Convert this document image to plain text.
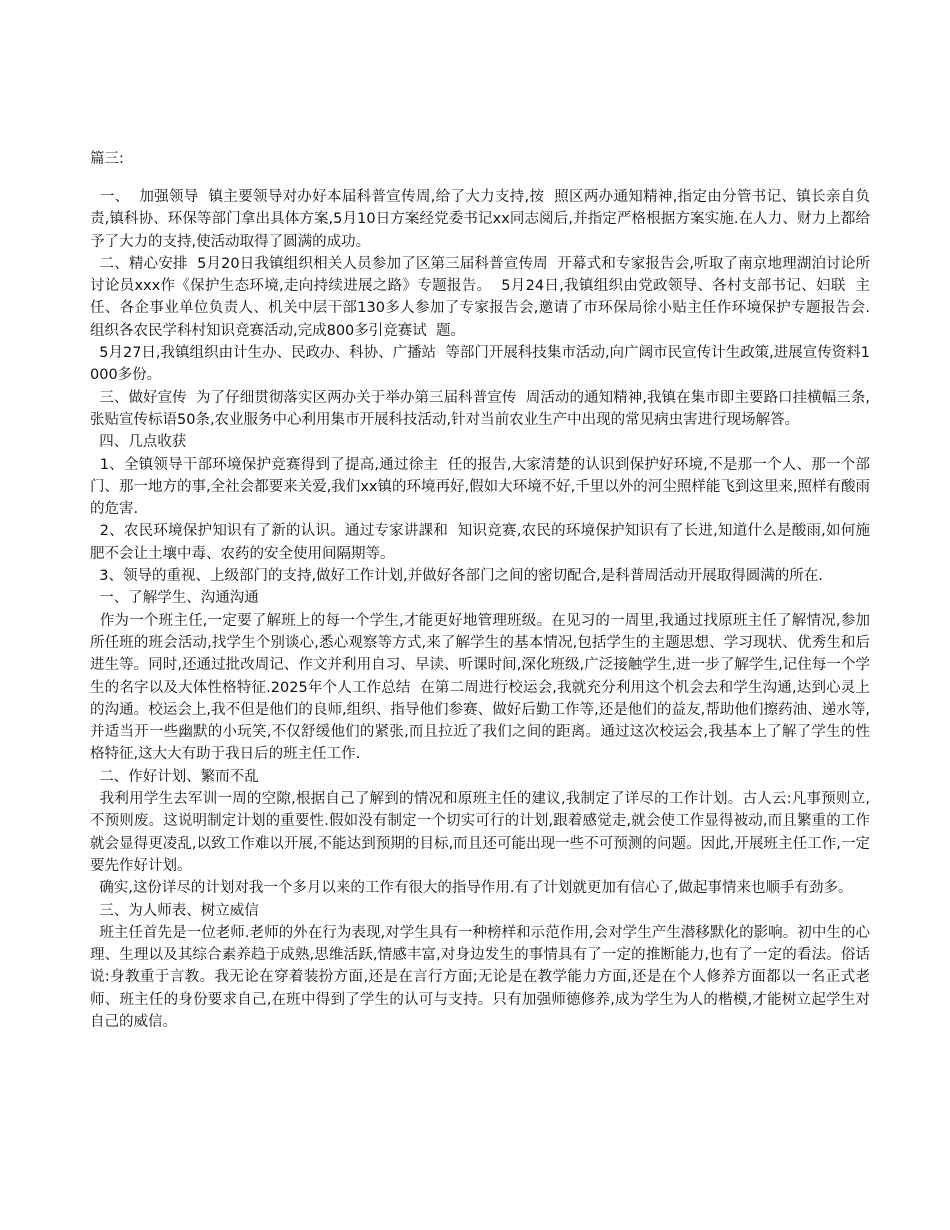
篇三:

一、  加强领导  镇主要领导对办好本届科普宣传周,给了大力支持,按  照区两办通知精神,指定由分管书记、镇长亲自负责,镇科协、环保等部门拿出具体方案,5月10日方案经党委书记xx同志阅后,并指定严格根据方案实施.在人力、财力上都给予了大力的支持,使活动取得了圆满的成功。

二、精心安排  5月20日我镇组织相关人员参加了区第三届科普宣传周  开幕式和专家报告会,听取了南京地理湖泊讨论所讨论员xxx作《保护生态环境,走向持续进展之路》专题报告。  5月24日,我镇组织由党政领导、各村支部书记、妇联  主任、各企事业单位负责人、机关中层干部130多人参加了专家报告会,邀请了市环保局徐小贴主任作环境保护专题报告会. 组织各农民学科村知识竞赛活动,完成800多引竞赛试  题。

5月27日,我镇组织由计生办、民政办、科协、广播站  等部门开展科技集市活动,向广阔市民宣传计生政策,进展宣传资料1000多份。

三、做好宣传  为了仔细贯彻落实区两办关于举办第三届科普宣传  周活动的通知精神,我镇在集市即主要路口挂横幅三条,张贴宣传标语50条,农业服务中心利用集市开展科技活动,针对当前农业生产中出现的常见病虫害进行现场解答。

四、几点收获

1、全镇领导干部环境保护竞赛得到了提高,通过徐主  任的报告,大家清楚的认识到保护好环境,不是那一个人、那一个部门、那一地方的事,全社会都要来关爱,我们xx镇的环境再好,假如大环境不好,千里以外的河尘照样能飞到这里来,照样有酸雨的危害.

2、农民环境保护知识有了新的认识。通过专家讲課和  知识竞赛,农民的环境保护知识有了长进,知道什么是酸雨,如何施肥不会让土壤中毒、农药的安全使用间隔期等。

3、领导的重视、上级部门的支持,做好工作计划,并做好各部门之间的密切配合,是科普周活动开展取得圆满的所在.

一、了解学生、沟通沟通

作为一个班主任,一定要了解班上的每一个学生,才能更好地管理班级。在见习的一周里,我通过找原班主任了解情况,参加所任班的班会活动,找学生个别谈心,悉心观察等方式,来了解学生的基本情况,包括学生的主题思想、学习现状、优秀生和后进生等。同时,还通过批改周记、作文并利用自习、早读、听课时间,深化班级,广泛接触学生,进一步了解学生,记住每一个学生的名字以及大体性格特征.2025年个人工作总结  在第二周进行校运会,我就充分利用这个机会去和学生沟通,达到心灵上的沟通。校运会上,我不但是他们的良师,组织、指导他们参赛、做好后勤工作等,还是他们的益友,帮助他们擦药油、递水等,并适当开一些幽默的小玩笑,不仅舒缓他们的紧张,而且拉近了我们之间的距离。通过这次校运会,我基本上了解了学生的性格特征,这大大有助于我日后的班主任工作.

二、作好计划、繁而不乱

我利用学生去军训一周的空隙,根据自己了解到的情况和原班主任的建议,我制定了详尽的工作计划。古人云:凡事预则立,不预则废。这说明制定计划的重要性.假如没有制定一个切实可行的计划,跟着感觉走,就会使工作显得被动,而且繁重的工作就会显得更凌乱,以致工作难以开展,不能达到预期的目标,而且还可能出现一些不可预测的问题。因此,开展班主任工作,一定要先作好计划。

确实,这份详尽的计划对我一个多月以来的工作有很大的指导作用.有了计划就更加有信心了,做起事情来也顺手有劲多。

三、为人师表、树立威信

班主任首先是一位老师.老师的外在行为表现,对学生具有一种榜样和示范作用,会对学生产生潜移默化的影响。初中生的心理、生理以及其综合素养趋于成熟,思维活跃,情感丰富,对身边发生的事情具有了一定的推断能力,也有了一定的看法。俗话说:身教重于言教。我无论在穿着装扮方面,还是在言行方面;无论是在教学能力方面,还是在个人修养方面都以一名正式老师、班主任的身份要求自己,在班中得到了学生的认可与支持。只有加强师德修养,成为学生为人的楷模,才能树立起学生对自己的威信。
